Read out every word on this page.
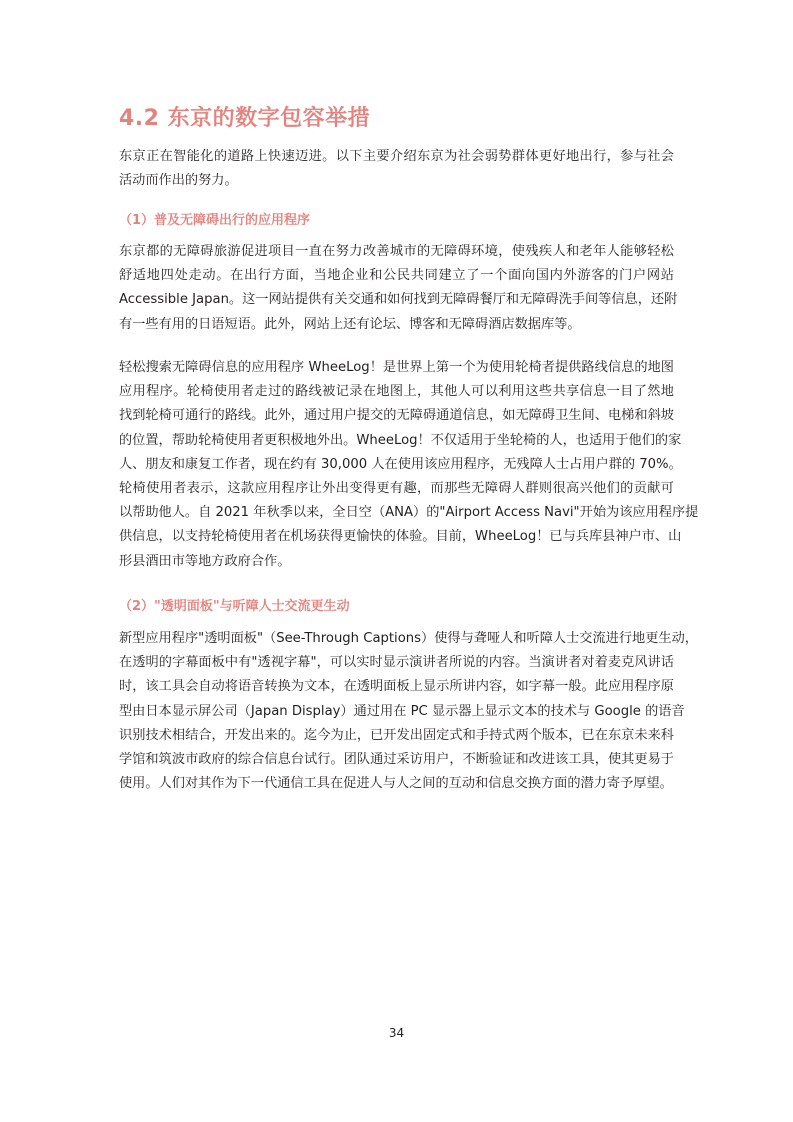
4.2 东京的数字包容举措

东京正在智能化的道路上快速迈进。以下主要介绍东京为社会弱势群体更好地出行，参与社会
活动而作出的努力。

（1）普及无障碍出行的应用程序

东京都的无障碍旅游促进项目一直在努力改善城市的无障碍环境，使残疾人和老年人能够轻松
舒适地四处走动。在出行方面，当地企业和公民共同建立了一个面向国内外游客的门户网站
Accessible Japan。这一网站提供有关交通和如何找到无障碍餐厅和无障碍洗手间等信息，还附
有一些有用的日语短语。此外，网站上还有论坛、博客和无障碍酒店数据库等。

轻松搜索无障碍信息的应用程序 WheeLog！是世界上第一个为使用轮椅者提供路线信息的地图
应用程序。轮椅使用者走过的路线被记录在地图上，其他人可以利用这些共享信息一目了然地
找到轮椅可通行的路线。此外，通过用户提交的无障碍通道信息，如无障碍卫生间、电梯和斜坡
的位置，帮助轮椅使用者更积极地外出。WheeLog！不仅适用于坐轮椅的人，也适用于他们的家
人、朋友和康复工作者，现在约有 30,000 人在使用该应用程序，无残障人士占用户群的 70%。
轮椅使用者表示，这款应用程序让外出变得更有趣，而那些无障碍人群则很高兴他们的贡献可
以帮助他人。自 2021 年秋季以来，全日空（ANA）的"Airport Access Navi"开始为该应用程序提
供信息，以支持轮椅使用者在机场获得更愉快的体验。目前，WheeLog！已与兵库县神户市、山
形县酒田市等地方政府合作。

（2）"透明面板"与听障人士交流更生动

新型应用程序"透明面板"（See-Through Captions）使得与聋哑人和听障人士交流进行地更生动，
在透明的字幕面板中有"透视字幕"，可以实时显示演讲者所说的内容。当演讲者对着麦克风讲话
时，该工具会自动将语音转换为文本，在透明面板上显示所讲内容，如字幕一般。此应用程序原
型由日本显示屏公司（Japan Display）通过用在 PC 显示器上显示文本的技术与 Google 的语音
识别技术相结合，开发出来的。迄今为止，已开发出固定式和手持式两个版本，已在东京未来科
学馆和筑波市政府的综合信息台试行。团队通过采访用户，不断验证和改进该工具，使其更易于
使用。人们对其作为下一代通信工具在促进人与人之间的互动和信息交换方面的潜力寄予厚望。

34
